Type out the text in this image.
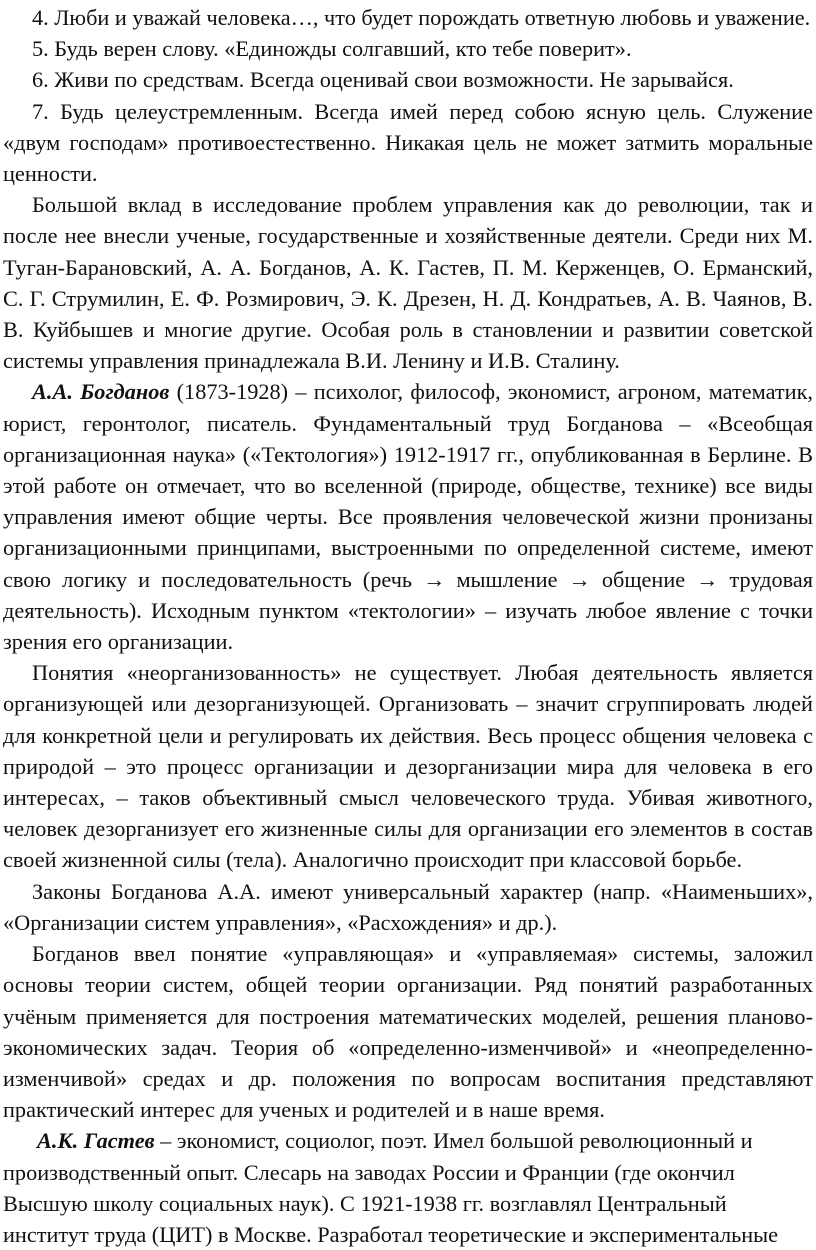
4. Люби и уважай человека…, что будет порождать ответную любовь и уважение.

5. Будь верен слову. «Единожды солгавший, кто тебе поверит».

6. Живи по средствам. Всегда оценивай свои возможности. Не зарывайся.

7. Будь целеустремленным. Всегда имей перед собою ясную цель. Служение «двум господам» противоестественно. Никакая цель не может затмить моральные ценности.

Большой вклад в исследование проблем управления как до революции, так и после нее внесли ученые, государственные и хозяйственные деятели. Среди них М. Туган-Барановский, А. А. Богданов, А. К. Гастев, П. М. Керженцев, О. Ерманский, С. Г. Струмилин, Е. Ф. Розмирович, Э. К. Дрезен, Н. Д. Кондратьев, А. В. Чаянов, В. В. Куйбышев и многие другие. Особая роль в становлении и развитии советской системы управления принадлежала В.И. Ленину и И.В. Сталину.

А.А. Богданов (1873-1928) – психолог, философ, экономист, агроном, математик, юрист, геронтолог, писатель. Фундаментальный труд Богданова – «Всеобщая организационная наука» («Тектология») 1912-1917 гг., опубликованная в Берлине. В этой работе он отмечает, что во вселенной (природе, обществе, технике) все виды управления имеют общие черты. Все проявления человеческой жизни пронизаны организационными принципами, выстроенными по определенной системе, имеют свою логику и последовательность (речь → мышление → общение → трудовая деятельность). Исходным пунктом «тектологии» – изучать любое явление с точки зрения его организации.

Понятия «неорганизованность» не существует. Любая деятельность является организующей или дезорганизующей. Организовать – значит сгруппировать людей для конкретной цели и регулировать их действия. Весь процесс общения человека с природой – это процесс организации и дезорганизации мира для человека в его интересах, – таков объективный смысл человеческого труда. Убивая животного, человек дезорганизует его жизненные силы для организации его элементов в состав своей жизненной силы (тела). Аналогично происходит при классовой борьбе.

Законы Богданова А.А. имеют универсальный характер (напр. «Наименьших», «Организации систем управления», «Расхождения» и др.).

Богданов ввел понятие «управляющая» и «управляемая» системы, заложил основы теории систем, общей теории организации. Ряд понятий разработанных учёным применяется для построения математических моделей, решения планово-экономических задач. Теория об «определенно-изменчивой» и «неопределенно-изменчивой» средах и др. положения по вопросам воспитания представляют практический интерес для ученых и родителей и в наше время.

А.К. Гастев – экономист, социолог, поэт. Имел большой революционный и производственный опыт. Слесарь на заводах России и Франции (где окончил Высшую школу социальных наук). С 1921-1938 гг. возглавлял Центральный институт труда (ЦИТ) в Москве. Разработал теоретические и экспериментальные
